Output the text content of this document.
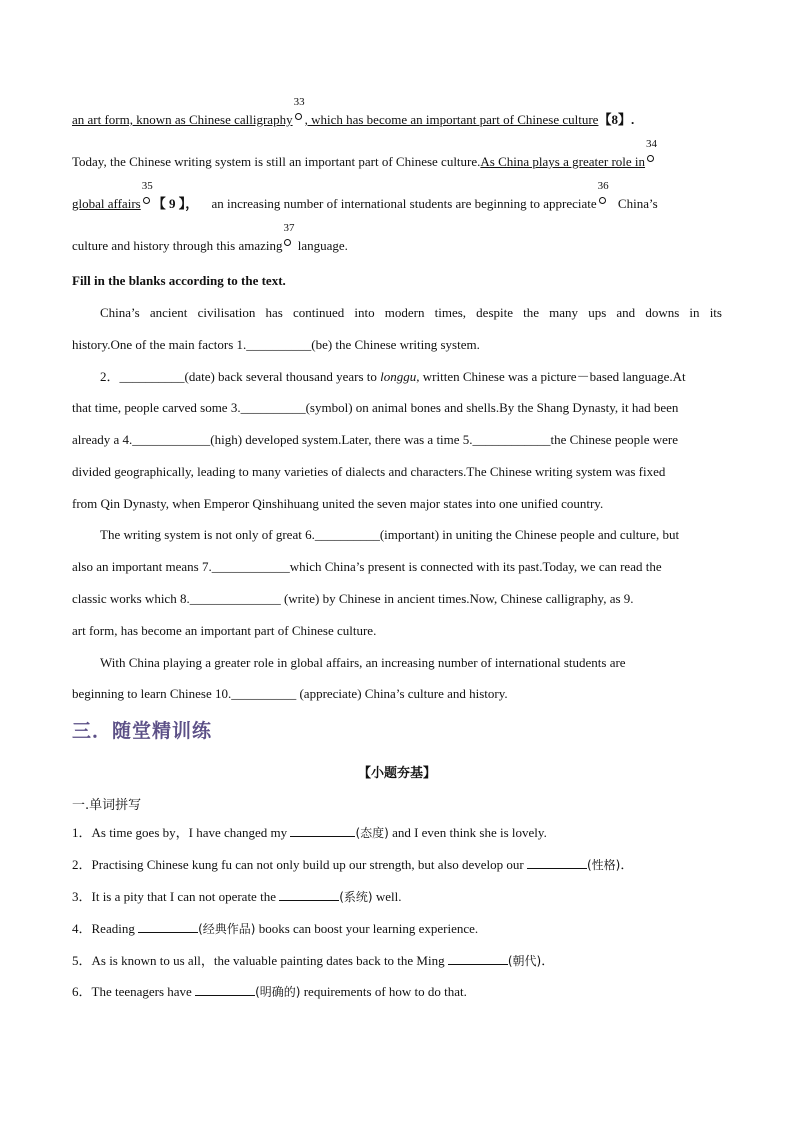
an art form, known as Chinese calligraphy
33
, which has become an important part of Chinese culture【8】.
Today, the Chinese writing system is still an important part of Chinese culture.As China plays a greater role in
34
global affairs
35
【 9 】， an increasing number of international students are beginning to appreciate
36
China’s
culture and history through this amazing
37
language.
Fill in the blanks according to the text.
China’s ancient civilisation has continued into modern times, despite the many ups and downs in its
history.One of the main factors 1.__________(be) the Chinese writing system.
2．__________(date) back several thousand years to longgu, written Chinese was a picture－based language.At
that time, people carved some 3.__________(symbol) on animal bones and shells.By the Shang Dynasty, it had been
already a 4.____________(high) developed system.Later, there was a time 5.____________the Chinese people were
divided geographically, leading to many varieties of dialects and characters.The Chinese writing system was fixed
from Qin Dynasty, when Emperor Qinshihuang united the seven major states into one unified country.
The writing system is not only of great 6.__________(important) in uniting the Chinese people and culture, but
also an important means 7.____________which China’s present is connected with its past.Today, we can read the
classic works which 8.______________ (write) by Chinese in ancient times.Now, Chinese calligraphy, as 9.
art form, has become an important part of Chinese culture.
With China playing a greater role in global affairs, an increasing number of international students are
beginning to learn Chinese 10.__________ (appreciate) China’s culture and history.
三．随堂精训练
【小题夯基】
一.单词拼写
1．As time goes by，I have changed my	(态度) and I even think she is lovely.
2．Practising Chinese kung fu can not only build up our strength, but also develop our	(性格)．
3．It is a pity that I can not operate the	(系统) well.
4．Reading	(经典作品) books can boost your learning experience.
5．As is known to us all，the valuable painting dates back to the Ming	(朝代)．
6．The teenagers have	(明确的) requirements of how to do that.
